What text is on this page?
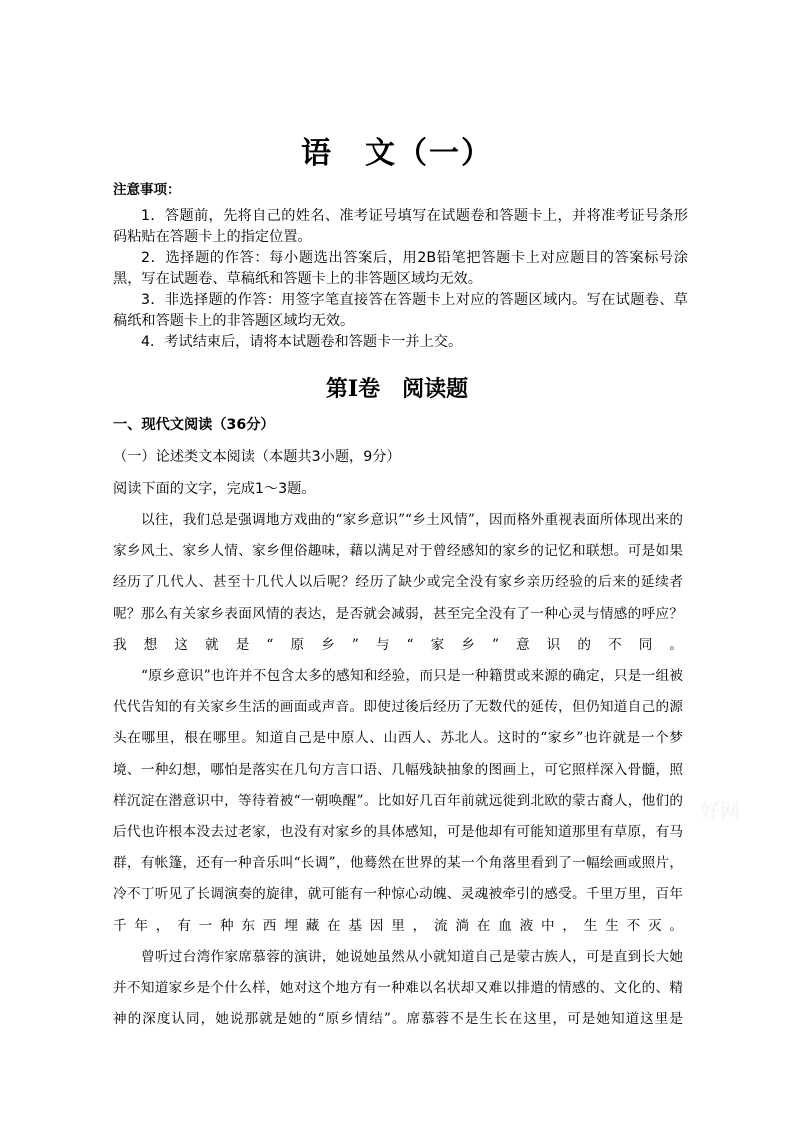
语　文（一）
注意事项：

1．答题前，先将自己的姓名、准考证号填写在试题卷和答题卡上，并将准考证号条形码粘贴在答题卡上的指定位置。

2．选择题的作答：每小题选出答案后，用2B铅笔把答题卡上对应题目的答案标号涂黑，写在试题卷、草稿纸和答题卡上的非答题区域均无效。

3．非选择题的作答：用签字笔直接答在答题卡上对应的答题区域内。写在试题卷、草稿纸和答题卡上的非答题区域均无效。

4．考试结束后，请将本试题卷和答题卡一并上交。

第Ⅰ卷　阅读题
一、现代文阅读（36分）
（一）论述类文本阅读（本题共3小题，9分）
阅读下面的文字，完成1～3题。

以往，我们总是强调地方戏曲的“家乡意识”“乡土风情”，因而格外重视表面所体现出来的家乡风土、家乡人情、家乡俚俗趣味，藉以满足对于曾经感知的家乡的记忆和联想。可是如果经历了几代人、甚至十几代人以后呢？经历了缺少或完全没有家乡亲历经验的后来的延续者呢？那么有关家乡表面风情的表达，是否就会减弱，甚至完全没有了一种心灵与情感的呼应？我想这就是“原乡”与“家乡”意识的不同。

“原乡意识”也许并不包含太多的感知和经验，而只是一种籍贯或来源的确定，只是一组被代代告知的有关家乡生活的画面或声音。即使过後后经历了无数代的延传，但仍知道自己的源头在哪里，根在哪里。知道自己是中原人、山西人、苏北人。这时的“家乡”也许就是一个梦境、一种幻想，哪怕是落实在几句方言口语、几幅残缺抽象的图画上，可它照样深入骨髓，照样沉淀在潜意识中，等待着被“一朝唤醒”。比如好几百年前就远徙到北欧的蒙古裔人，他们的后代也许根本没去过老家，也没有对家乡的具体感知，可是他却有可能知道那里有草原，有马群，有帐篷，还有一种音乐叫“长调”，他蓦然在世界的某一个角落里看到了一幅绘画或照片，冷不丁听见了长调演奏的旋律，就可能有一种惊心动魄、灵魂被牵引的感受。千里万里，百年千年，有一种东西埋藏在基因里，流淌在血液中，生生不灭。

曾听过台湾作家席慕蓉的演讲，她说她虽然从小就知道自己是蒙古族人，可是直到长大她并不知道家乡是个什么样，她对这个地方有一种难以名状却又难以排遣的情感的、文化的、精神的深度认同，她说那就是她的“原乡情结”。席慕蓉不是生长在这里，可是她知道这里是

好网
